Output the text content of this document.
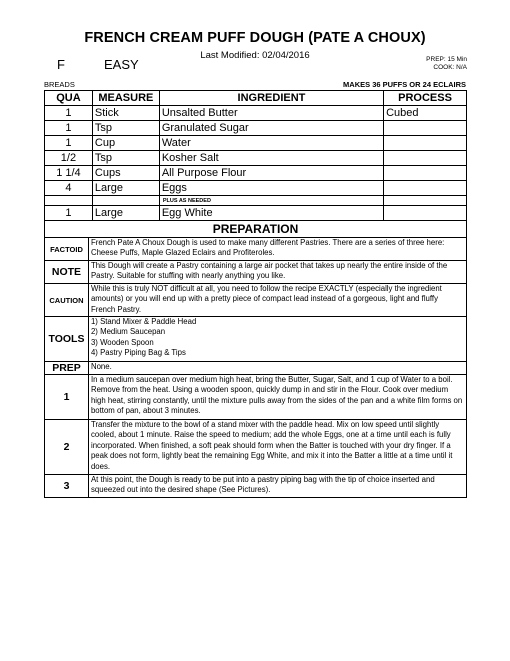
FRENCH CREAM PUFF DOUGH (PATE A CHOUX)
Last Modified: 02/04/2016
F	EASY	PREP: 15 Min
COOK: N/A
BREADS	MAKES 36 PUFFS OR 24 ECLAIRS
QUA	MEASURE	INGREDIENT	PROCESS
1	Stick	Unsalted Butter	Cubed
1	Tsp	Granulated Sugar	
1	Cup	Water	
1/2	Tsp	Kosher Salt	
1 1/4	Cups	All Purpose Flour	
4	Large	Eggs	
		PLUS AS NEEDED	
1	Large	Egg White	
PREPARATION	
FACTOID	French Pate A Choux Dough is used to make many different Pastries. There are a series of three here: Cheese Puffs, Maple Glazed Eclairs and Profiteroles.
NOTE	This Dough will create a Pastry containing a large air pocket that takes up nearly the entire inside of the Pastry. Suitable for stuffing with nearly anything you like.
CAUTION	While this is truly NOT difficult at all, you need to follow the recipe EXACTLY (especially the ingredient amounts) or you will end up with a pretty piece of compact lead instead of a gorgeous, light and fluffy French Pastry.
TOOLS	1) Stand Mixer & Paddle Head
2) Medium Saucepan
3) Wooden Spoon
4) Pastry Piping Bag & Tips

PREP	None.
1	In a medium saucepan over medium high heat, bring the Butter, Sugar, Salt, and 1 cup of Water to a boil. Remove from the heat. Using a wooden spoon, quickly dump in and stir in the Flour. Cook over medium high heat, stirring constantly, until the mixture pulls away from the sides of the pan and a white film forms on bottom of pan, about 3 minutes.
2	Transfer the mixture to the bowl of a stand mixer with the paddle head. Mix on low speed until slightly cooled, about 1 minute. Raise the speed to medium; add the whole Eggs, one at a time until each is fully incorporated. When finished, a soft peak should form when the Batter is touched with your dry finger. If a peak does not form, lightly beat the remaining Egg White, and mix it into the Batter a little at a time until it does.
3	At this point, the Dough is ready to be put into a pastry piping bag with the tip of choice inserted and squeezed out into the desired shape (See Pictures).
